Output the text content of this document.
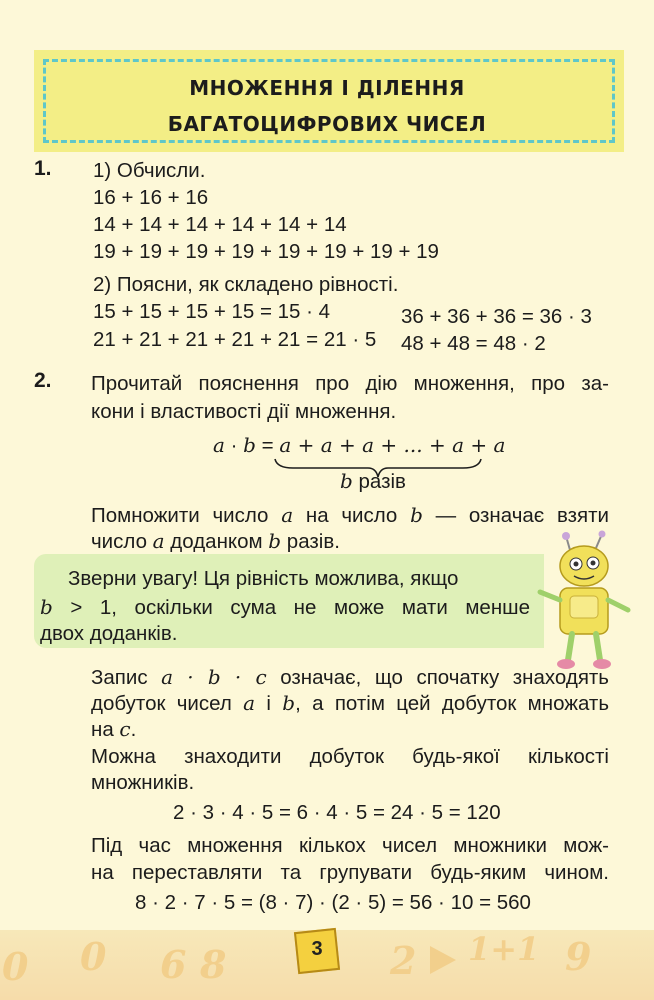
МНОЖЕННЯ І ДІЛЕННЯ
БАГАТОЦИФРОВИХ ЧИСЕЛ
1. 1) Обчисли.
16 + 16 + 16
14 + 14 + 14 + 14 + 14 + 14
19 + 19 + 19 + 19 + 19 + 19 + 19 + 19
2) Поясни, як складено рівності.
15 + 15 + 15 + 15 = 15 · 4
21 + 21 + 21 + 21 + 21 = 21 · 5
36 + 36 + 36 = 36 · 3
48 + 48 = 48 · 2
2. Прочитай пояснення про дію множення, про за-
кони і властивості дії множення.
a · b = a + a + a + ... + a + a
b разів
Помножити число a на число b — означає взяти
число a доданком b разів.
Зверни увагу! Ця рівність можлива, якщо
b > 1, оскільки сума не може мати менше
двох доданків.
Запис a · b · c означає, що спочатку знаходять
добуток чисел a і b, а потім цей добуток множать
на c.
Можна знаходити добуток будь-якої кількості
множників.
2 · 3 · 4 · 5 = 6 · 4 · 5 = 24 · 5 = 120
Під час множення кількох чисел множники мож-
на переставляти та групувати будь-яким чином.
8 · 2 · 7 · 5 = (8 · 7) · (2 · 5) = 56 · 10 = 560
0 0 6 8	2 1+1 9
3
